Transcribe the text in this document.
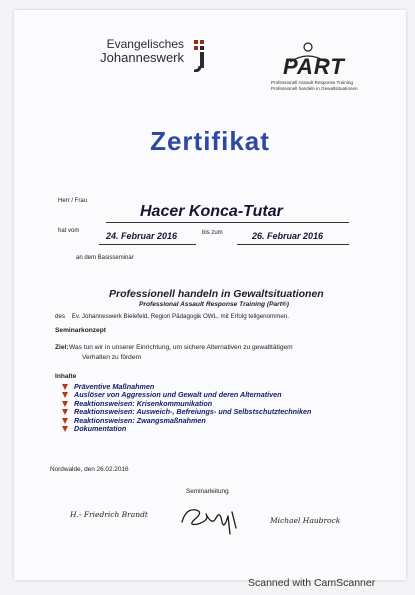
Evangelisches
Johanneswerk	PART
Professionell Assault Response Training
Professionell handeln in Gewaltsituationen
Zertifikat
Herr / Frau
Hacer Konca-Tutar
hat vom	24. Februar 2016	bis zum	26. Februar 2016
an dem Basisseminar
Professionell handeln in Gewaltsituationen
Professional Assault Response Training (Part®)
des Ev. Johanneswerk Bielefeld, Region Pädagogik OWL, mit Erfolg teilgenommen.
Seminarkonzept
Ziel: Was tun wir in unserer Einrichtung, um sichere Alternativen zu gewalttätigem
Verhalten zu fördern
Inhalte
Präventive Maßnahmen
Auslöser von Aggression und Gewalt und deren Alternativen
Reaktionsweisen: Krisenkommunikation
Reaktionsweisen: Ausweich-, Befreiungs- und Selbstschutztechniken
Reaktionsweisen: Zwangsmaßnahmen
Dokumentation
Nordwalde, den 26.02.2016
Seminarleitung
H.- Friedrich Brandt
Michael Haubrock
Scanned with CamScanner
